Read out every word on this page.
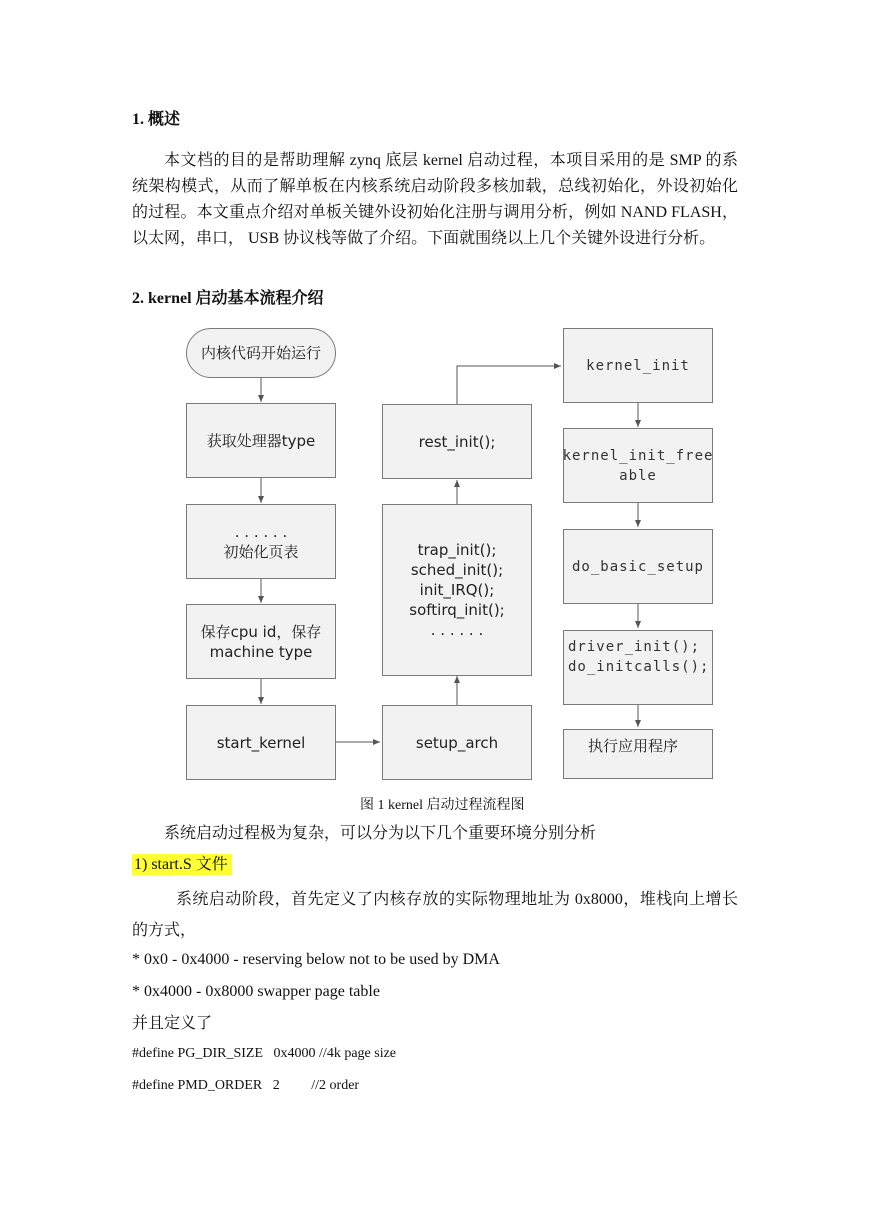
1. 概述
本文档的目的是帮助理解 zynq 底层 kernel 启动过程，本项目采用的是 SMP 的系统架构模式，从而了解单板在内核系统启动阶段多核加载，总线初始化，外设初始化的过程。本文重点介绍对单板关键外设初始化注册与调用分析，例如 NAND FLASH，以太网，串口， USB 协议栈等做了介绍。下面就围绕以上几个关键外设进行分析。
2. kernel 启动基本流程介绍
内核代码开始运行
获取处理器type
. . . . . .
初始化页表
保存cpu id，保存
machine type
start_kernel	setup_arch
trap_init();
sched_init();
init_IRQ();
softirq_init();
. . . . . .
rest_init();
kernel_init
kernel_init_free
able
do_basic_setup
driver_init();
do_initcalls();
执行应用程序
图 1 kernel 启动过程流程图
系统启动过程极为复杂，可以分为以下几个重要环境分别分析
1) start.S 文件
系统启动阶段，首先定义了内核存放的实际物理地址为 0x8000，堆栈向上增长的方式，
* 0x0 - 0x4000 - reserving below not to be used by DMA
* 0x4000 - 0x8000 swapper page table
并且定义了
#define PG_DIR_SIZE   0x4000 //4k page size
#define PMD_ORDER   2         //2 order
